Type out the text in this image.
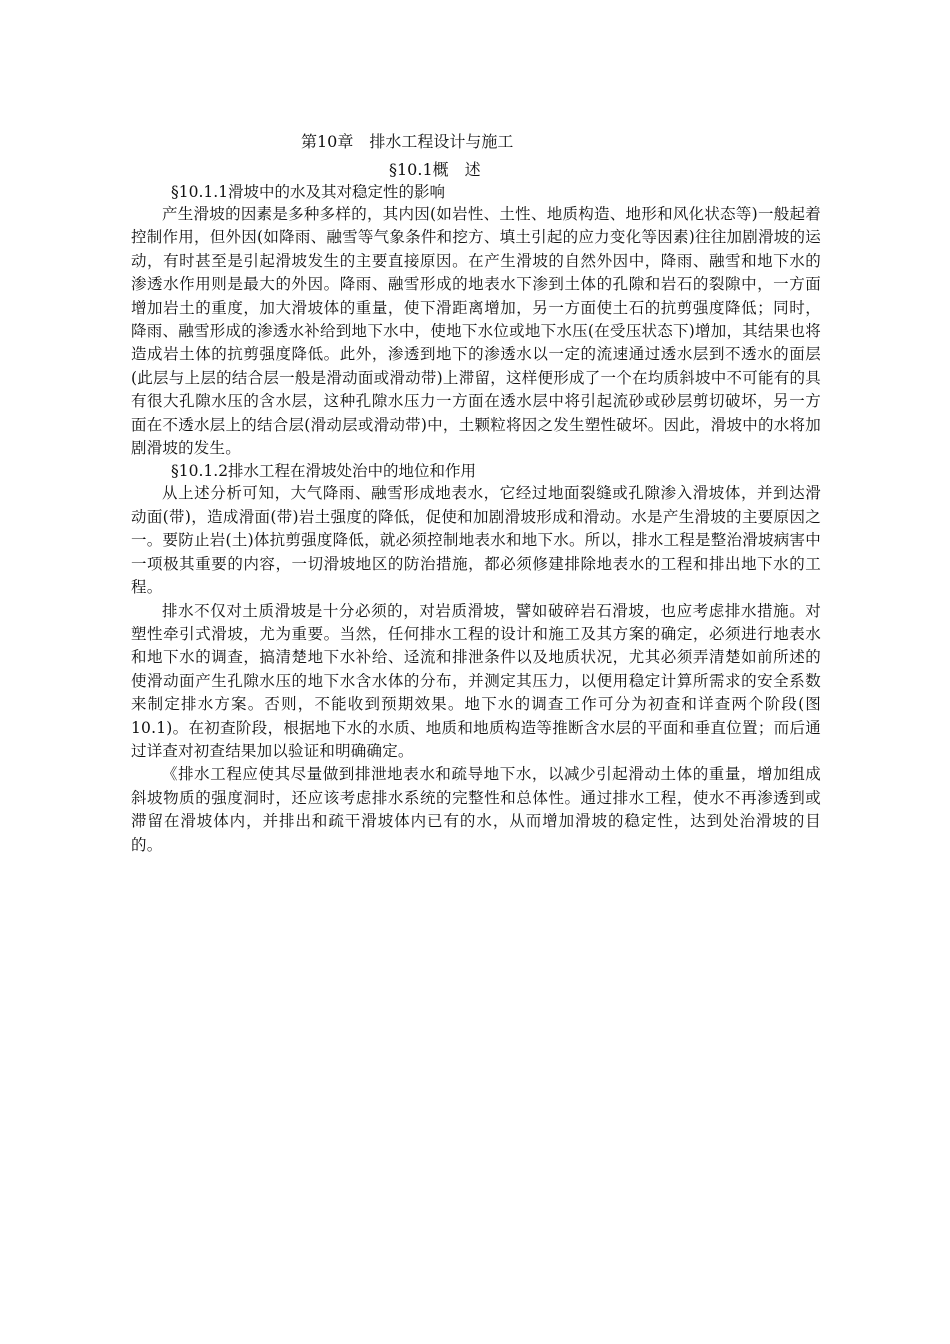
第10章　排水工程设计与施工
§10.1概　述
§10.1.1滑坡中的水及其对稳定性的影响

产生滑坡的因素是多种多样的，其内因(如岩性、土性、地质构造、地形和风化状态等)一般起着控制作用，但外因(如降雨、融雪等气象条件和挖方、填土引起的应力变化等因素)往往加剧滑坡的运动，有时甚至是引起滑坡发生的主要直接原因。在产生滑坡的自然外因中，降雨、融雪和地下水的渗透水作用则是最大的外因。降雨、融雪形成的地表水下渗到土体的孔隙和岩石的裂隙中，一方面增加岩土的重度，加大滑坡体的重量，使下滑距离增加，另一方面使土石的抗剪强度降低；同时，降雨、融雪形成的渗透水补给到地下水中，使地下水位或地下水压(在受压状态下)增加，其结果也将造成岩土体的抗剪强度降低。此外，渗透到地下的渗透水以一定的流速通过透水层到不透水的面层(此层与上层的结合层一般是滑动面或滑动带)上滞留，这样便形成了一个在均质斜坡中不可能有的具有很大孔隙水压的含水层，这种孔隙水压力一方面在透水层中将引起流砂或砂层剪切破坏，另一方面在不透水层上的结合层(滑动层或滑动带)中，土颗粒将因之发生塑性破坏。因此，滑坡中的水将加剧滑坡的发生。

§10.1.2排水工程在滑坡处治中的地位和作用

从上述分析可知，大气降雨、融雪形成地表水，它经过地面裂缝或孔隙渗入滑坡体，并到达滑动面(带)，造成滑面(带)岩土强度的降低，促使和加剧滑坡形成和滑动。水是产生滑坡的主要原因之一。要防止岩(土)体抗剪强度降低，就必须控制地表水和地下水。所以，排水工程是整治滑坡病害中一项极其重要的内容，一切滑坡地区的防治措施，都必须修建排除地表水的工程和排出地下水的工程。

排水不仅对土质滑坡是十分必须的，对岩质滑坡，譬如破碎岩石滑坡，也应考虑排水措施。对塑性牵引式滑坡，尤为重要。当然，任何排水工程的设计和施工及其方案的确定，必须进行地表水和地下水的调查，搞清楚地下水补给、迳流和排泄条件以及地质状况，尤其必须弄清楚如前所述的使滑动面产生孔隙水压的地下水含水体的分布，并测定其压力，以便用稳定计算所需求的安全系数来制定排水方案。否则，不能收到预期效果。地下水的调查工作可分为初查和详查两个阶段(图10.1)。在初查阶段，根据地下水的水质、地质和地质构造等推断含水层的平面和垂直位置；而后通过详查对初查结果加以验证和明确确定。

《排水工程应使其尽量做到排泄地表水和疏导地下水，以减少引起滑动土体的重量，增加组成斜坡物质的强度洞时，还应该考虑排水系统的完整性和总体性。通过排水工程，使水不再渗透到或滞留在滑坡体内，并排出和疏干滑坡体内已有的水，从而增加滑坡的稳定性，达到处治滑坡的目的。
